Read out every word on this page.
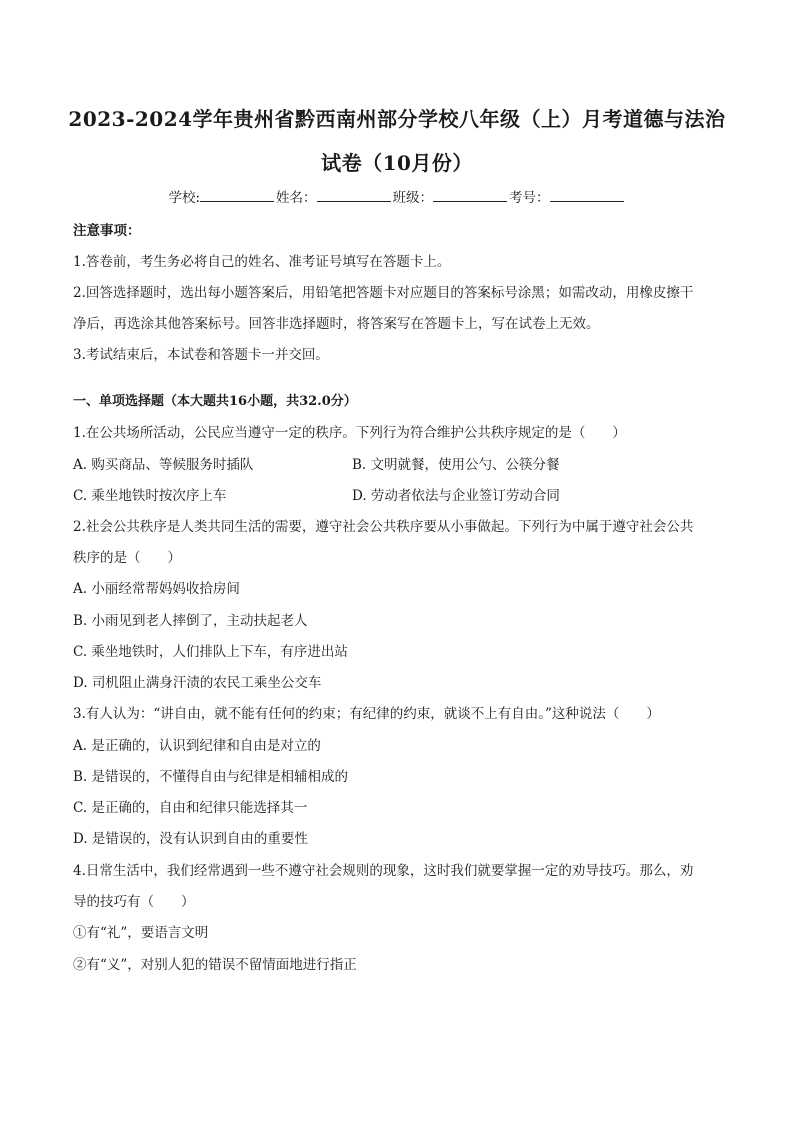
2023-2024学年贵州省黔西南州部分学校八年级（上）月考道德与法治
试卷（10月份）
学校:	姓名：	班级：	考号：
注意事项：
1.答卷前，考生务必将自己的姓名、准考证号填写在答题卡上。
2.回答选择题时，选出每小题答案后，用铅笔把答题卡对应题目的答案标号涂黑；如需改动，用橡皮擦干
净后，再选涂其他答案标号。回答非选择题时，将答案写在答题卡上，写在试卷上无效。
3.考试结束后，本试卷和答题卡一并交回。
一、单项选择题（本大题共16小题，共32.0分）
1.在公共场所活动，公民应当遵守一定的秩序。下列行为符合维护公共秩序规定的是（　　）
A. 购买商品、等候服务时插队	B. 文明就餐，使用公勺、公筷分餐
C. 乘坐地铁时按次序上车	D. 劳动者依法与企业签订劳动合同
2.社会公共秩序是人类共同生活的需要，遵守社会公共秩序要从小事做起。下列行为中属于遵守社会公共
秩序的是（　　）
A. 小丽经常帮妈妈收拾房间
B. 小雨见到老人摔倒了，主动扶起老人
C. 乘坐地铁时，人们排队上下车，有序进出站
D. 司机阻止满身汗渍的农民工乘坐公交车
3.有人认为：“讲自由，就不能有任何的约束；有纪律的约束，就谈不上有自由。”这种说法（　　）
A. 是正确的，认识到纪律和自由是对立的
B. 是错误的，不懂得自由与纪律是相辅相成的
C. 是正确的，自由和纪律只能选择其一
D. 是错误的，没有认识到自由的重要性
4.日常生活中，我们经常遇到一些不遵守社会规则的现象，这时我们就要掌握一定的劝导技巧。那么，劝
导的技巧有（　　）
①有“礼”，要语言文明
②有“义”，对别人犯的错误不留情面地进行指正
